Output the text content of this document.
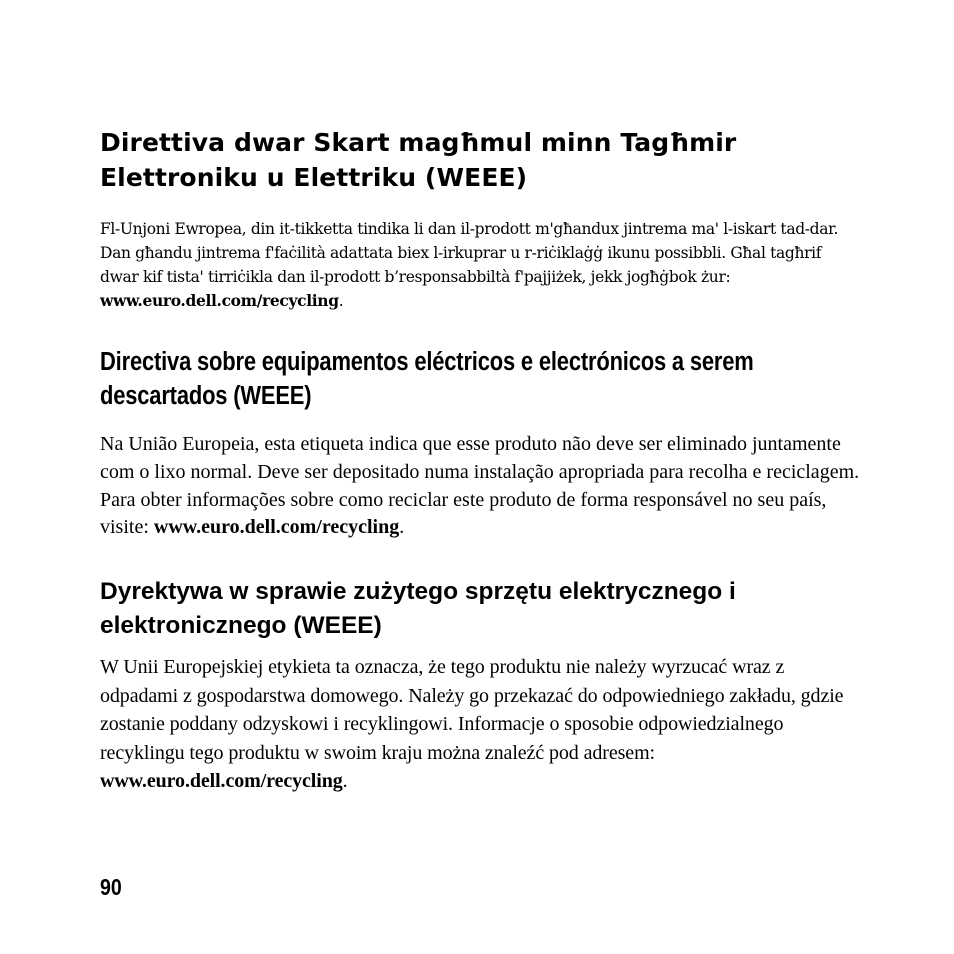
Direttiva dwar Skart magħmul minn Tagħmir Elettroniku u Elettriku (WEEE)

Fl-Unjoni Ewropea, din it-tikketta tindika li dan il-prodott m'għandux jintrema ma' l-iskart tad-dar. Dan għandu jintrema f'faċilità adattata biex l-irkuprar u r-riċiklaġġ ikunu possibbli. Għal tagħrif dwar kif tista' tirriċikla dan il-prodott b’responsabbiltà f'pajjiżek, jekk jogħġbok żur: www.euro.dell.com/recycling.

Directiva sobre equipamentos eléctricos e electrónicos a serem descartados (WEEE)

Na União Europeia, esta etiqueta indica que esse produto não deve ser eliminado juntamente com o lixo normal. Deve ser depositado numa instalação apropriada para recolha e reciclagem. Para obter informações sobre como reciclar este produto de forma responsável no seu país, visite: www.euro.dell.com/recycling.

Dyrektywa w sprawie zużytego sprzętu elektrycznego i elektronicznego (WEEE)

W Unii Europejskiej etykieta ta oznacza, że tego produktu nie należy wyrzucać wraz z odpadami z gospodarstwa domowego. Należy go przekazać do odpowiedniego zakładu, gdzie zostanie poddany odzyskowi i recyklingowi. Informacje o sposobie odpowiedzialnego recyklingu tego produktu w swoim kraju można znaleźć pod adresem: www.euro.dell.com/recycling.

90
